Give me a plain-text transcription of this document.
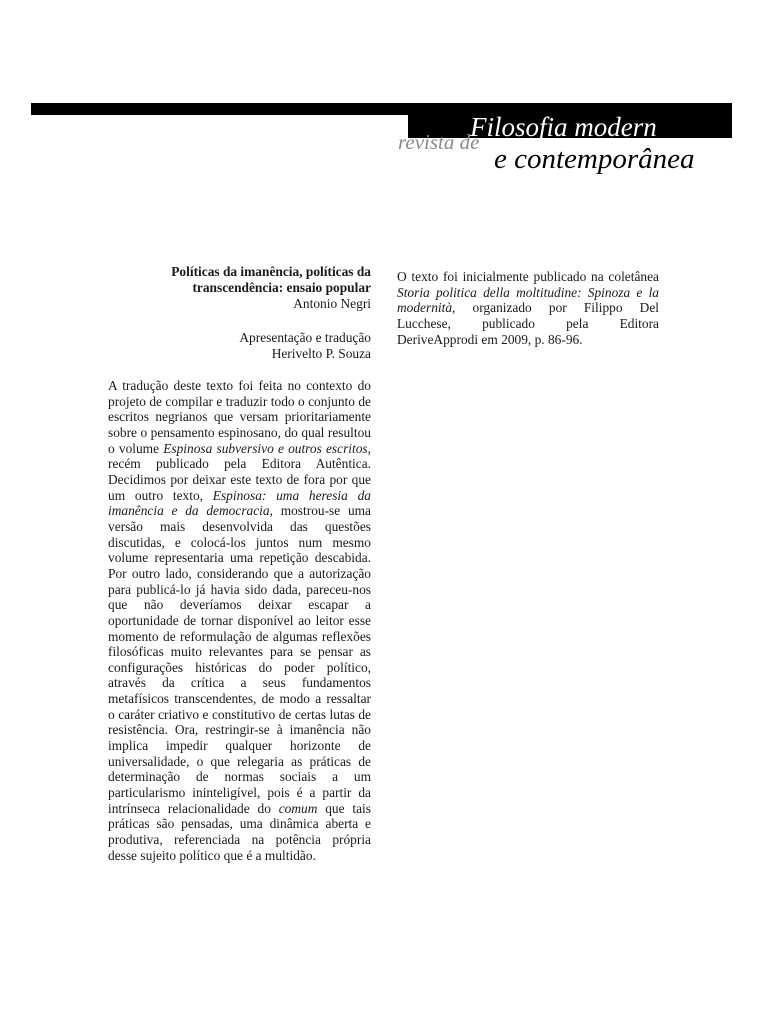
Filosofia moderna
revista de
e contemporânea

Políticas da imanência, políticas da transcendência: ensaio popular

Antonio Negri

Apresentação e tradução

Herivelto P. Souza

A tradução deste texto foi feita no contexto do projeto de compilar e traduzir todo o conjunto de escritos negrianos que versam prioritariamente sobre o pensamento espinosano, do qual resultou o volume Espinosa subversivo e outros escritos, recém publicado pela Editora Autêntica. Decidimos por deixar este texto de fora por que um outro texto, Espinosa: uma heresia da imanência e da democracia, mostrou-se uma versão mais desenvolvida das questões discutidas, e colocá-los juntos num mesmo volume representaria uma repetição descabida. Por outro lado, considerando que a autorização para publicá-lo já havia sido dada, pareceu-nos que não deveríamos deixar escapar a oportunidade de tornar disponível ao leitor esse momento de reformulação de algumas reflexões filosóficas muito relevantes para se pensar as configurações históricas do poder político, através da crítica a seus fundamentos metafísicos transcendentes, de modo a ressaltar o caráter criativo e constitutivo de certas lutas de resistência. Ora, restringir-se à imanência não implica impedir qualquer horizonte de universalidade, o que relegaria as práticas de determinação de normas sociais a um particularismo ininteligível, pois é a partir da intrínseca relacionalidade do comum que tais práticas são pensadas, uma dinâmica aberta e produtiva, referenciada na potência própria desse sujeito político que é a multidão.

O texto foi inicialmente publicado na coletânea Storia politica della moltitudine: Spinoza e la modernità, organizado por Filippo Del Lucchese, publicado pela Editora DeriveApprodi em 2009, p. 86-96.
